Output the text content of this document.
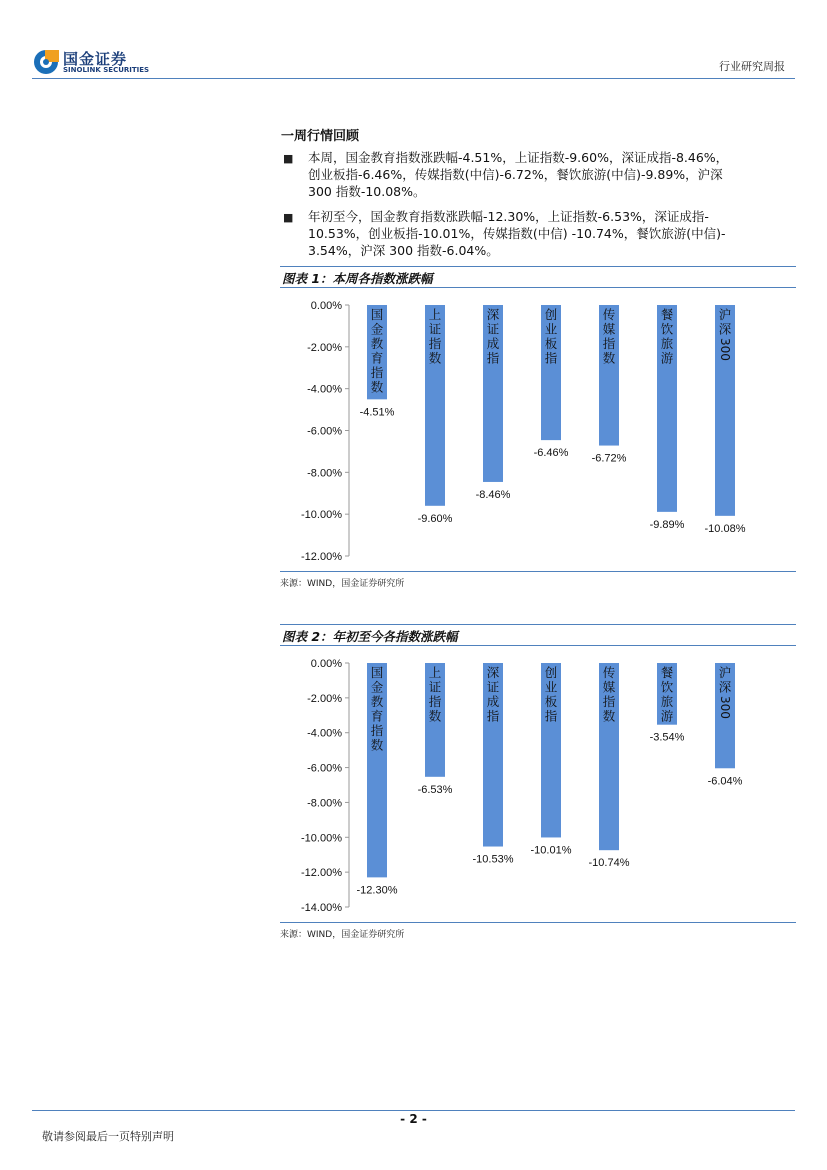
国金证券
SINOLINK SECURITIES	行业研究周报
一周行情回顾
■ 本周，国金教育指数涨跌幅-4.51%，上证指数-9.60%，深证成指-8.46%，
创业板指-6.46%，传媒指数(中信)-6.72%，餐饮旅游(中信)-9.89%，沪深
300 指数-10.08%。
■ 年初至今，国金教育指数涨跌幅-12.30%，上证指数-6.53%，深证成指-
10.53%，创业板指-10.01%，传媒指数(中信) -10.74%，餐饮旅游(中信)-
3.54%，沪深 300 指数-6.04%。
图表 1：本周各指数涨跌幅
0.00%
-2.00%
-4.00%
-6.00%
-8.00%
-10.00%
-12.00%
国金教育指数
-4.51%
上证指数
-9.60%
深证成指
-8.46%
创业板指
-6.46%
传媒指数
-6.72%
餐饮旅游
-9.89%
沪深
300
-10.08%
来源：WIND，国金证券研究所
图表 2：年初至今各指数涨跌幅
0.00%
-2.00%
-4.00%
-6.00%
-8.00%
-10.00%
-12.00%
-14.00%
国金教育指数
-12.30%
上证指数
-6.53%
深证成指
-10.53%
创业板指
-10.01%
传媒指数
-10.74%
餐饮旅游
-3.54%
沪深
300
-6.04%
来源：WIND，国金证券研究所
- 2 -
敬请参阅最后一页特别声明
